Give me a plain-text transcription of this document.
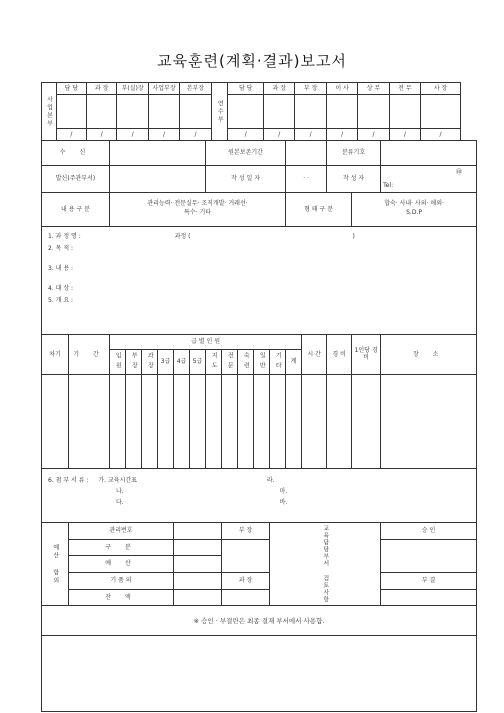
교육훈련(계획·결과)보고서
사업본부	담 당	과 장	부(실)장	사업부장	본부장	연수부	담 당	과 장	부 장	이 사	상 무	전 무	사 장

	/	/	/	/	/		/	/	/	/	/	/	/
수 신								원본보존기간							분류기호		
발신(주관부서)								작 성 일 자					· ·		작 성 자		㊞
Tel:

내 용 구 분		관리능력· 전문실무· 조직개발· 거래선·
특수· 기타											형 태 구 분			합숙· 사내· 사외· 해외·
S.D.P	

1. 과 정 명 : 과정 ( )
2. 목 적 :
3. 내 용 :
4. 대 상 :
5. 개 요 :																	

차기	기 간	급 별 인 원												시 간	경 비	1인당 경비	장 소
		임원	부장	과장	3급	4급	5급	지도	전문	숙련	일반	기타	계				

6. 첨 부 서 류 : 가. 교육시간표 라.
나. 마.
다. 바.																	

예산 합의	관리번호								부 장			교육담당부서 검토사항					승 인
	구 분																
	예 산																
	기 품 의								과 장								부 결
	잔 액																
※ 승인 · 부결란은 최종 결재 부서에서 사용함.																	
